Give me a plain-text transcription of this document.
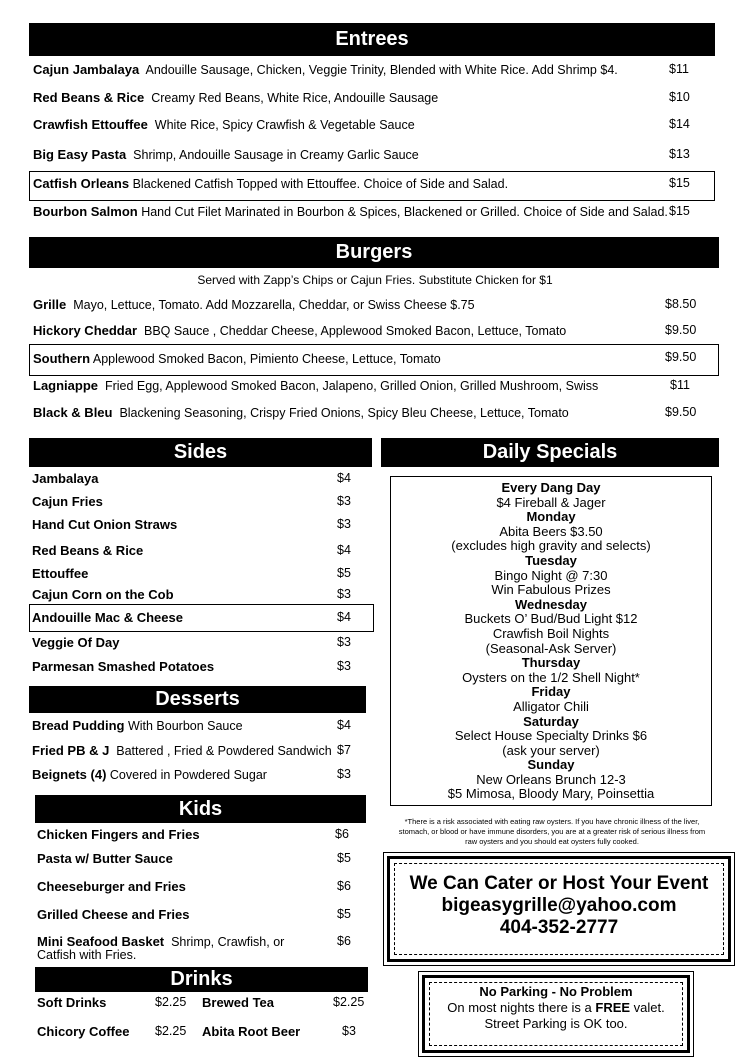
Entrees
Cajun Jambalaya Andouille Sausage, Chicken, Veggie Trinity, Blended with White Rice. Add Shrimp $4.	$11
Red Beans & Rice Creamy Red Beans, White Rice, Andouille Sausage	$10
Crawfish Ettouffee White Rice, Spicy Crawfish & Vegetable Sauce	$14
Big Easy Pasta Shrimp, Andouille Sausage in Creamy Garlic Sauce	$13
Catfish Orleans Blackened Catfish Topped with Ettouffee. Choice of Side and Salad.	$15
Bourbon Salmon Hand Cut Filet Marinated in Bourbon & Spices, Blackened or Grilled. Choice of Side and Salad. $15
Burgers
Served with Zapp’s Chips or Cajun Fries. Substitute Chicken for $1
Grille Mayo, Lettuce, Tomato. Add Mozzarella, Cheddar, or Swiss Cheese $.75	$8.50
Hickory Cheddar BBQ Sauce , Cheddar Cheese, Applewood Smoked Bacon, Lettuce, Tomato	$9.50
Southern Applewood Smoked Bacon, Pimiento Cheese, Lettuce, Tomato	$9.50
Lagniappe Fried Egg, Applewood Smoked Bacon, Jalapeno, Grilled Onion, Grilled Mushroom, Swiss	$11
Black & Bleu Blackening Seasoning, Crispy Fried Onions, Spicy Bleu Cheese, Lettuce, Tomato	$9.50
Sides
Jambalaya	$4
Cajun Fries	$3
Hand Cut Onion Straws	$3
Red Beans & Rice	$4
Ettouffee	$5
Cajun Corn on the Cob	$3
Andouille Mac & Cheese	$4
Veggie Of Day	$3
Parmesan Smashed Potatoes	$3
Desserts
Bread Pudding With Bourbon Sauce	$4
Fried PB & J Battered , Fried & Powdered Sandwich $7
Beignets (4) Covered in Powdered Sugar	$3
Kids
Chicken Fingers and Fries	$6
Pasta w/ Butter Sauce	$5
Cheeseburger and Fries	$6
Grilled Cheese and Fries	$5
Mini Seafood Basket Shrimp, Crawfish, or
Catfish with Fries.
$6
Drinks
Soft Drinks	$2.25 Brewed Tea	$2.25
Chicory Coffee $2.25 Abita Root Beer	$3
Daily Specials
Every Dang Day
$4 Fireball & Jager
Monday
Abita Beers $3.50
(excludes high gravity and selects)
Tuesday
Bingo Night @ 7:30
Win Fabulous Prizes
Wednesday
Buckets O’ Bud/Bud Light $12
Crawfish Boil Nights
(Seasonal-Ask Server)
Thursday
Oysters on the 1/2 Shell Night*
Friday
Alligator Chili
Saturday
Select House Specialty Drinks $6
(ask your server)
Sunday
New Orleans Brunch 12-3
$5 Mimosa, Bloody Mary, Poinsettia
*There is a risk associated with eating raw oysters. If you have chronic illness of the liver, stomach, or blood or have immune disorders, you are at a greater risk of serious illness from raw oysters and you should eat oysters fully cooked.
We Can Cater or Host Your Event
bigeasygrille@yahoo.com
404-352-2777
No Parking - No Problem
On most nights there is a FREE valet.
Street Parking is OK too.
